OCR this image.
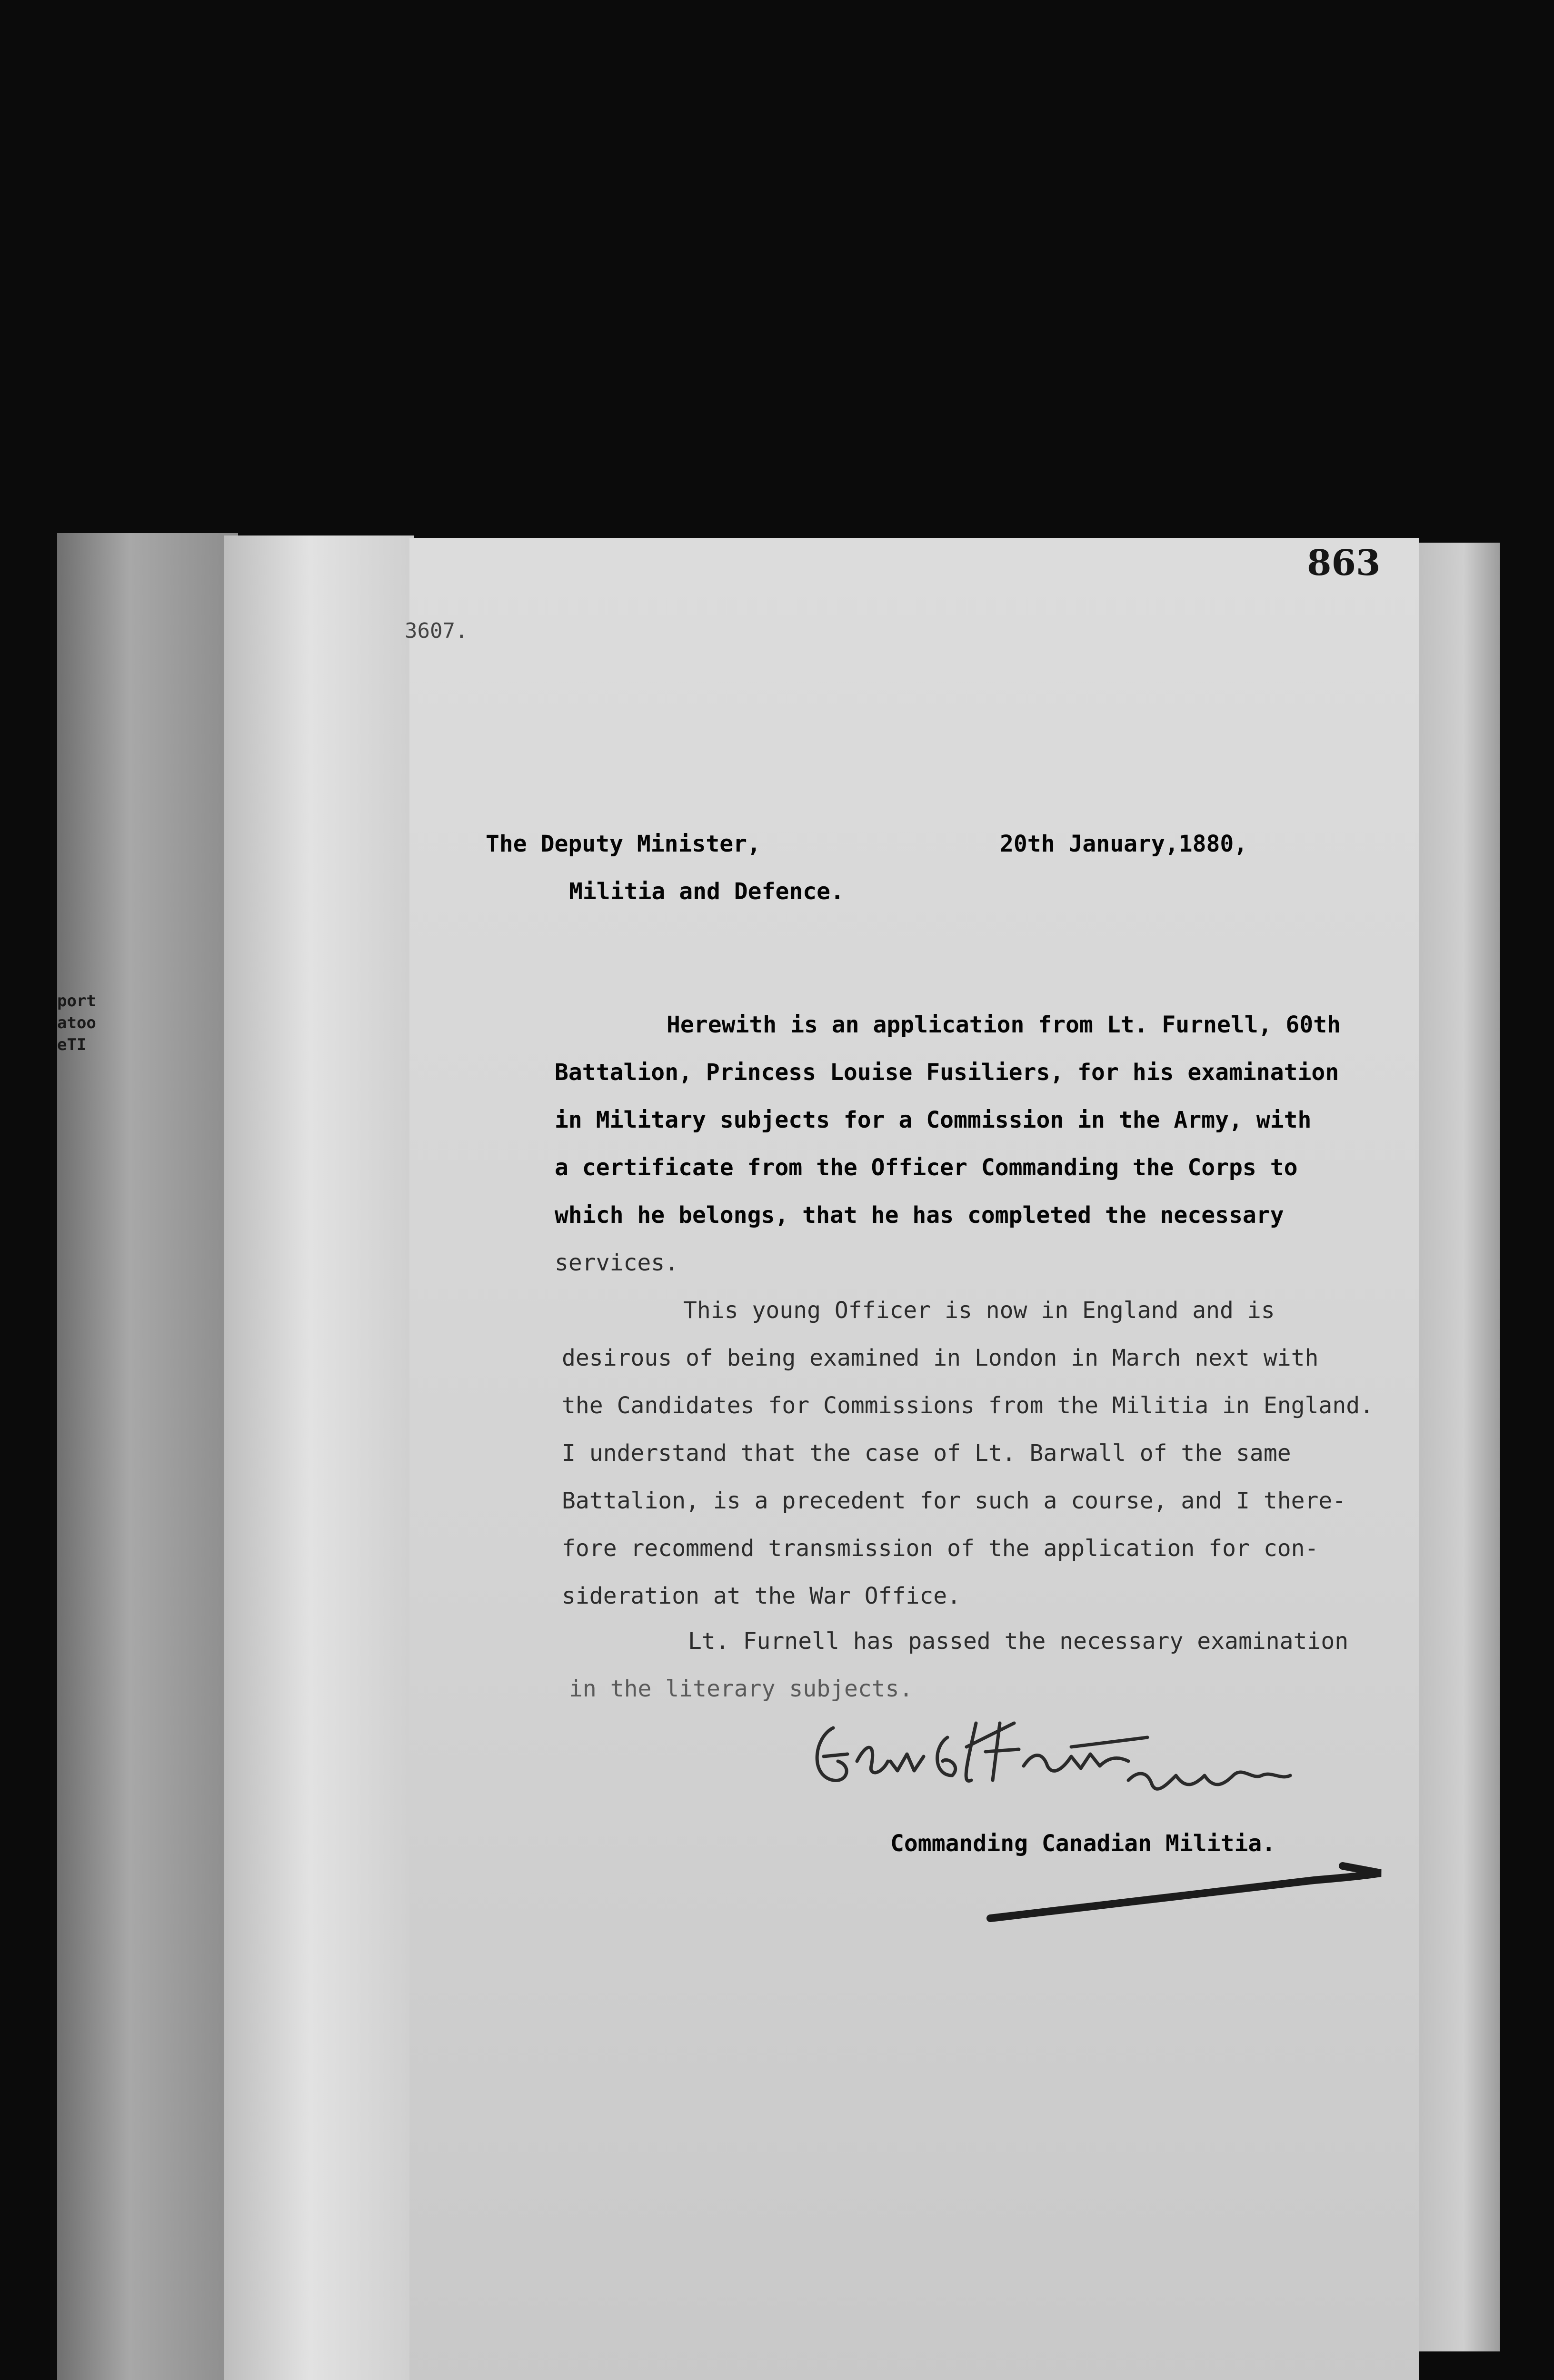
port
atoo
eTI
863
3607.
The Deputy Minister,	20th January,1880,
Militia and Defence.
Herewith is an application from Lt. Furnell, 60th
Battalion, Princess Louise Fusiliers, for his examination
in Military subjects for a Commission in the Army, with
a certificate from the Officer Commanding the Corps to
which he belongs, that he has completed the necessary
services.
This young Officer is now in England and is
desirous of being examined in London in March next with
the Candidates for Commissions from the Militia in England.
I understand that the case of Lt. Barwall of the same
Battalion, is a precedent for such a course, and I there-
fore recommend transmission of the application for con-
sideration at the War Office.
Lt. Furnell has passed the necessary examination
in the literary subjects.
Commanding Canadian Militia.
